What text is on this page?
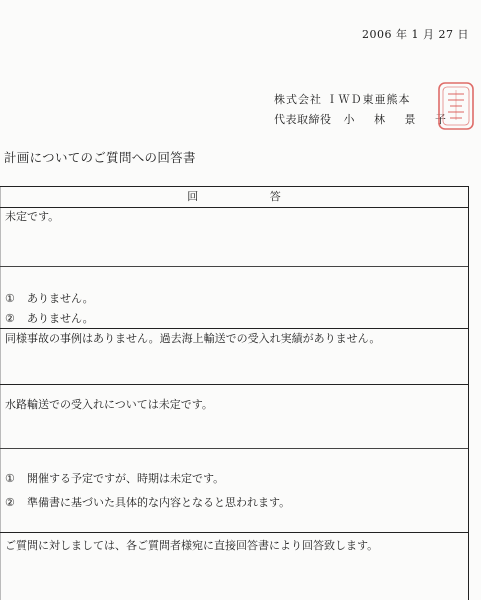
2006 年 1 月 27 日
株式会社 ＩＷＤ東亜熊本
代表取締役 小 林 景 子
計画についてのご質問への回答書
回 答
未定です。
① ありません。
② ありません。
同様事故の事例はありません。過去海上輸送での受入れ実績がありません。
水路輸送での受入れについては未定です。
① 開催する予定ですが、時期は未定です。
② 準備書に基づいた具体的な内容となると思われます。
ご質問に対しましては、各ご質問者様宛に直接回答書により回答致します。
